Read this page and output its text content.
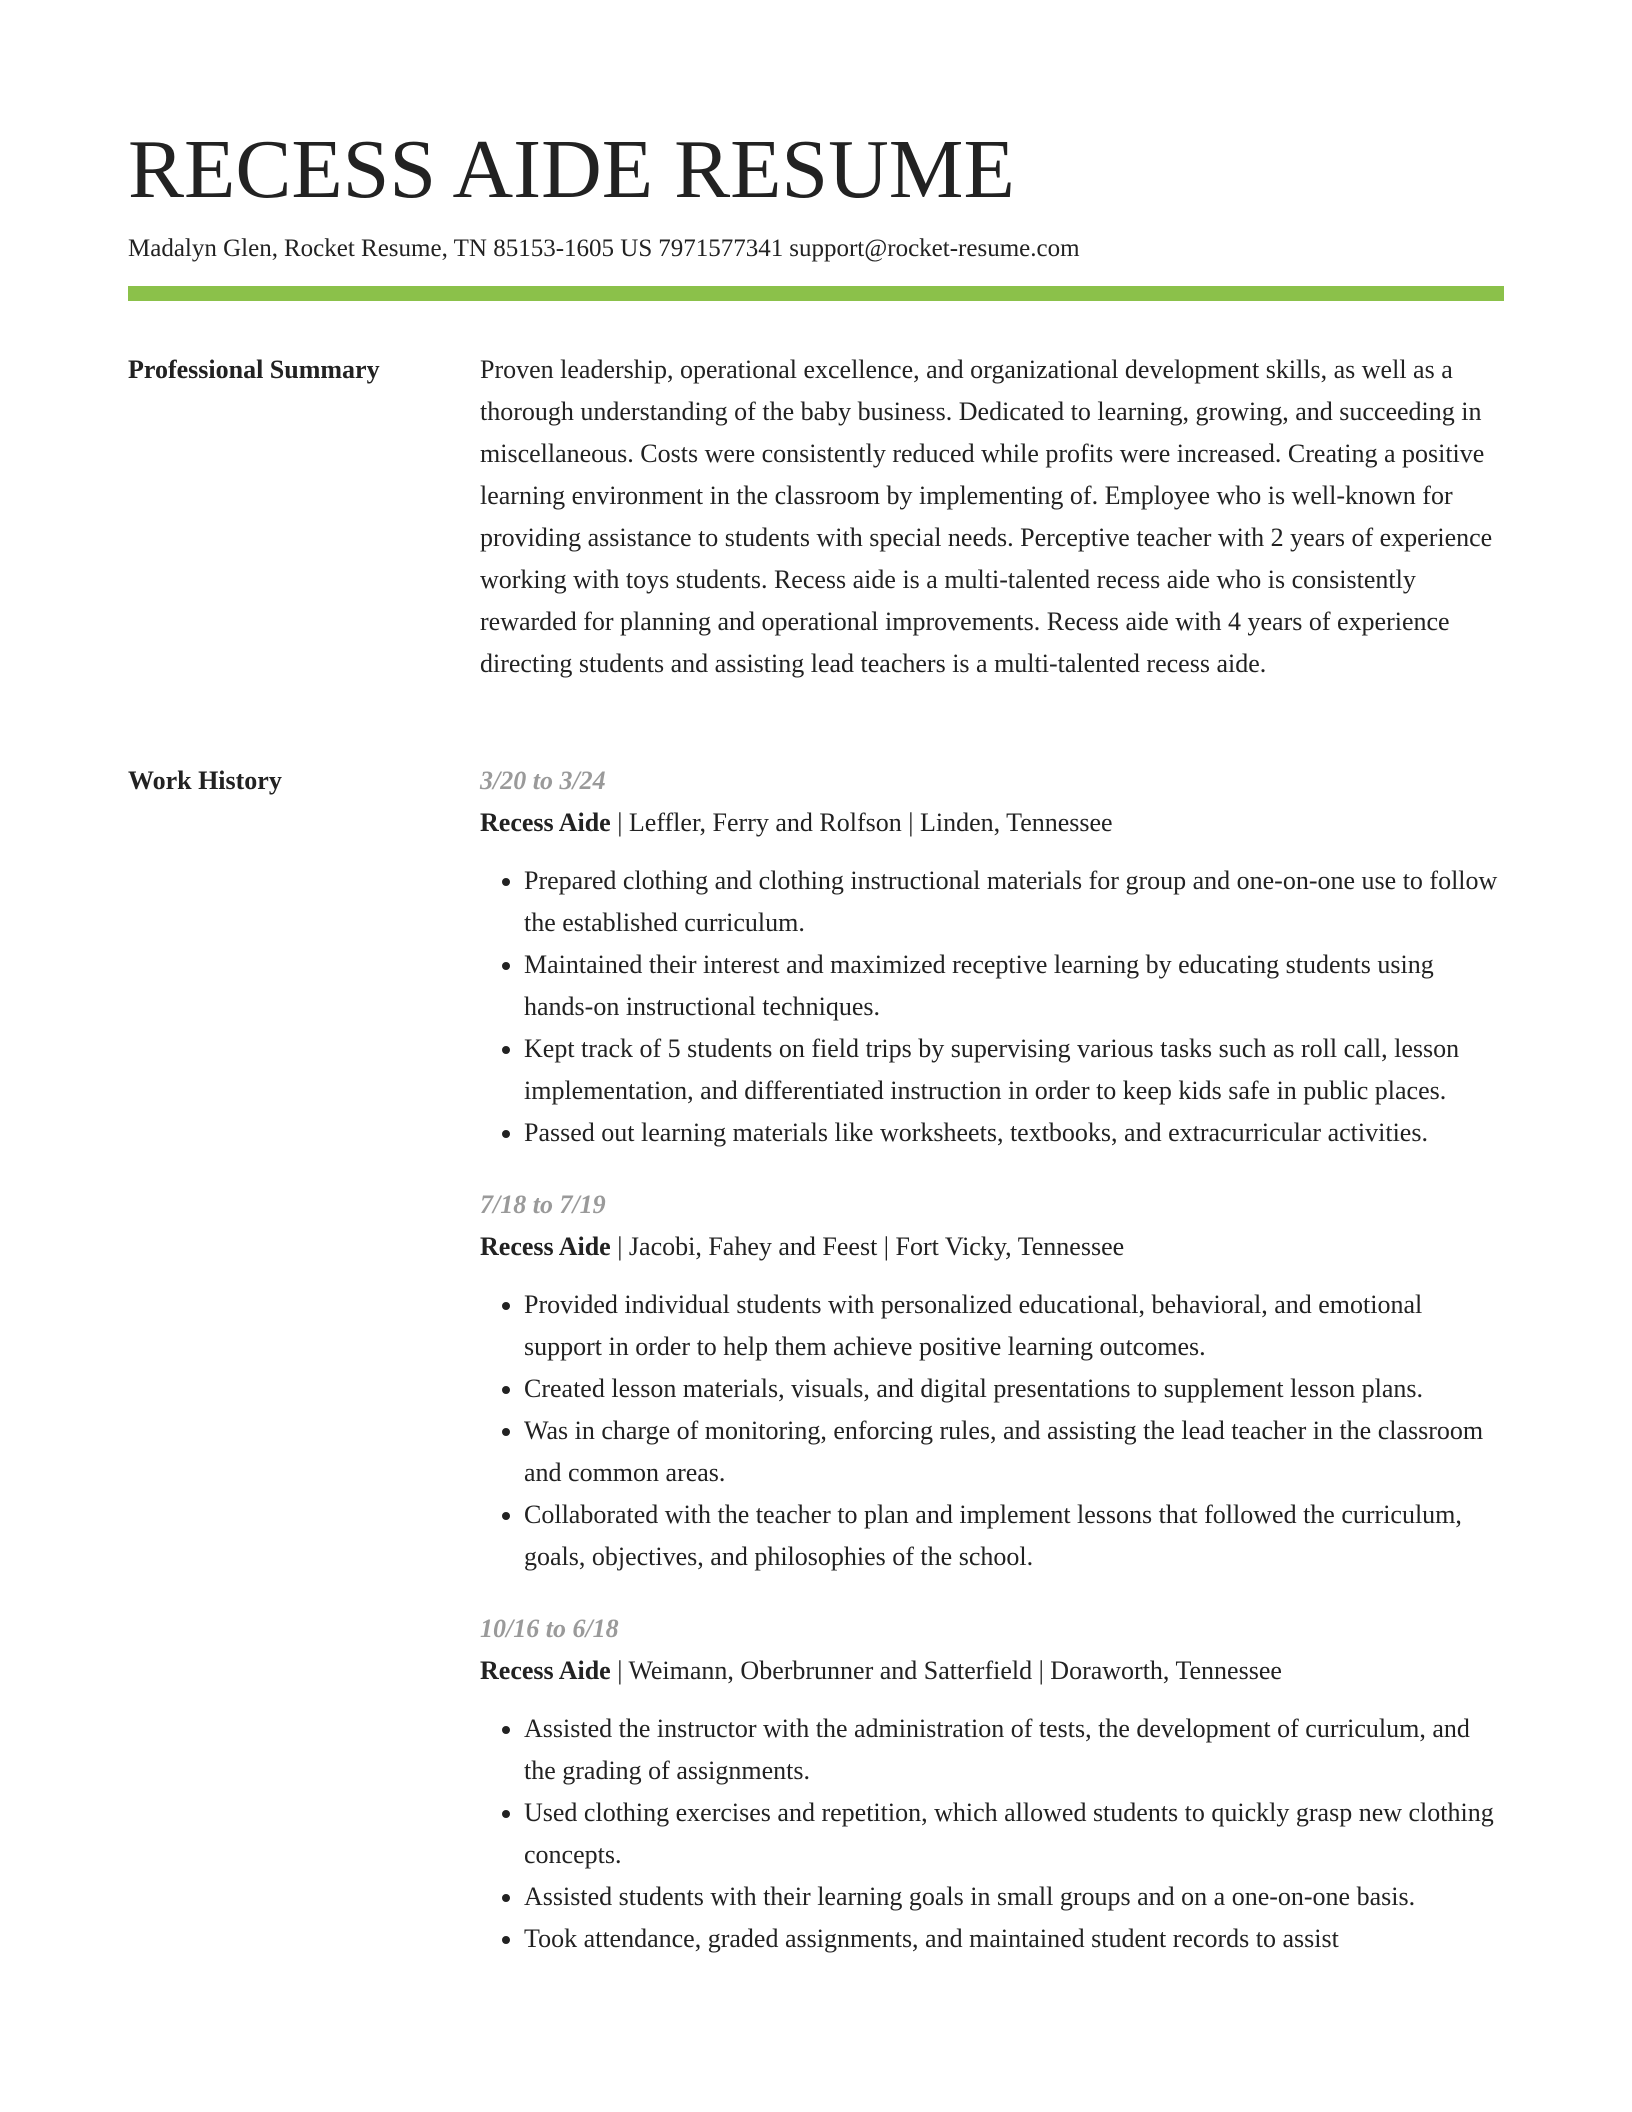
RECESS AIDE RESUME
Madalyn Glen, Rocket Resume, TN 85153-1605 US 7971577341 support@rocket-resume.com
Professional Summary	Proven leadership, operational excellence, and organizational development skills, as well as a thorough understanding of the baby business. Dedicated to learning, growing, and succeeding in miscellaneous. Costs were consistently reduced while profits were increased. Creating a positive learning environment in the classroom by implementing of. Employee who is well-known for providing assistance to students with special needs. Perceptive teacher with 2 years of experience working with toys students. Recess aide is a multi-talented recess aide who is consistently rewarded for planning and operational improvements. Recess aide with 4 years of experience directing students and assisting lead teachers is a multi-talented recess aide.

Work History	3/20 to 3/24
Recess Aide | Leffler, Ferry and Rolfson | Linden, Tennessee
• Prepared clothing and clothing instructional materials for group and one-on-one use to follow the established curriculum.
• Maintained their interest and maximized receptive learning by educating students using hands-on instructional techniques.
• Kept track of 5 students on field trips by supervising various tasks such as roll call, lesson implementation, and differentiated instruction in order to keep kids safe in public places.
• Passed out learning materials like worksheets, textbooks, and extracurricular activities.
7/18 to 7/19
Recess Aide | Jacobi, Fahey and Feest | Fort Vicky, Tennessee
• Provided individual students with personalized educational, behavioral, and emotional support in order to help them achieve positive learning outcomes.
• Created lesson materials, visuals, and digital presentations to supplement lesson plans.
• Was in charge of monitoring, enforcing rules, and assisting the lead teacher in the classroom and common areas.
• Collaborated with the teacher to plan and implement lessons that followed the curriculum, goals, objectives, and philosophies of the school.
10/16 to 6/18
Recess Aide | Weimann, Oberbrunner and Satterfield | Doraworth, Tennessee
• Assisted the instructor with the administration of tests, the development of curriculum, and the grading of assignments.
• Used clothing exercises and repetition, which allowed students to quickly grasp new clothing concepts.
• Assisted students with their learning goals in small groups and on a one-on-one basis.
• Took attendance, graded assignments, and maintained student records to assist
